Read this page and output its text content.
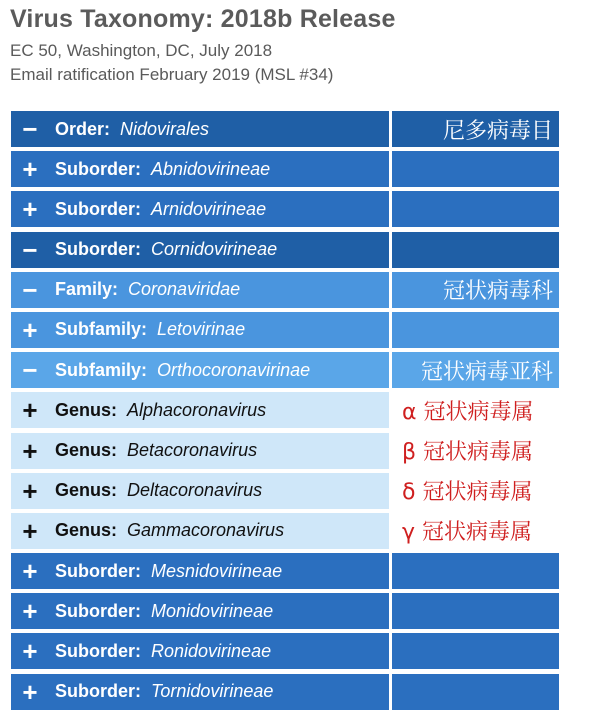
Virus Taxonomy: 2018b Release
EC 50, Washington, DC, July 2018
Email ratification February 2019 (MSL #34)
− Order: Nidovirales	尼多病毒目
+ Suborder: Abnidovirineae
+ Suborder: Arnidovirineae
− Suborder: Cornidovirineae
− Family: Coronaviridae	冠状病毒科
+ Subfamily: Letovirinae
− Subfamily: Orthocoronavirinae	冠状病毒亚科
+ Genus: Alphacoronavirus	α 冠状病毒属
+ Genus: Betacoronavirus	β 冠状病毒属
+ Genus: Deltacoronavirus	δ 冠状病毒属
+ Genus: Gammacoronavirus	γ 冠状病毒属
+ Suborder: Mesnidovirineae
+ Suborder: Monidovirineae
+ Suborder: Ronidovirineae
+ Suborder: Tornidovirineae
